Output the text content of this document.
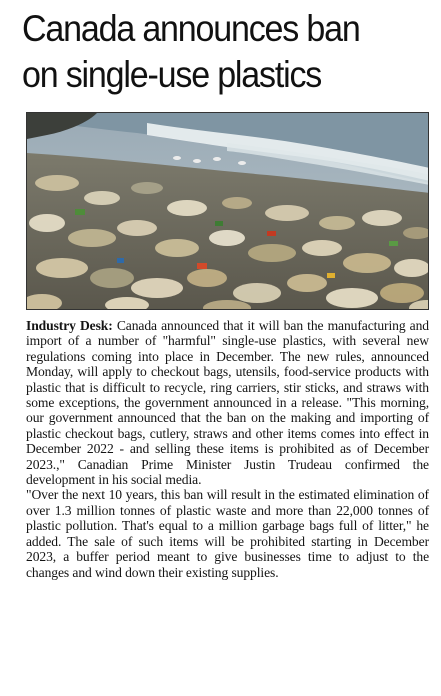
Canada announces ban
on single-use plastics

Industry Desk: Canada announced that it will ban the manufacturing and import of a number of "harmful" single-use plastics, with several new regulations coming into place in December. The new rules, announced Monday, will apply to checkout bags, utensils, food-service products with plastic that is difficult to recycle, ring carriers, stir sticks, and straws with some exceptions, the government announced in a release. "This morning, our government announced that the ban on the making and importing of plastic checkout bags, cutlery, straws and other items comes into effect in December 2022 - and selling these items is prohibited as of December 2023.," Canadian Prime Minister Justin Trudeau confirmed the development in his social media.

"Over the next 10 years, this ban will result in the estimated elimination of over 1.3 million tonnes of plastic waste and more than 22,000 tonnes of plastic pollution. That's equal to a million garbage bags full of litter," he added. The sale of such items will be prohibited starting in December 2023, a buffer period meant to give businesses time to adjust to the changes and wind down their existing supplies.
